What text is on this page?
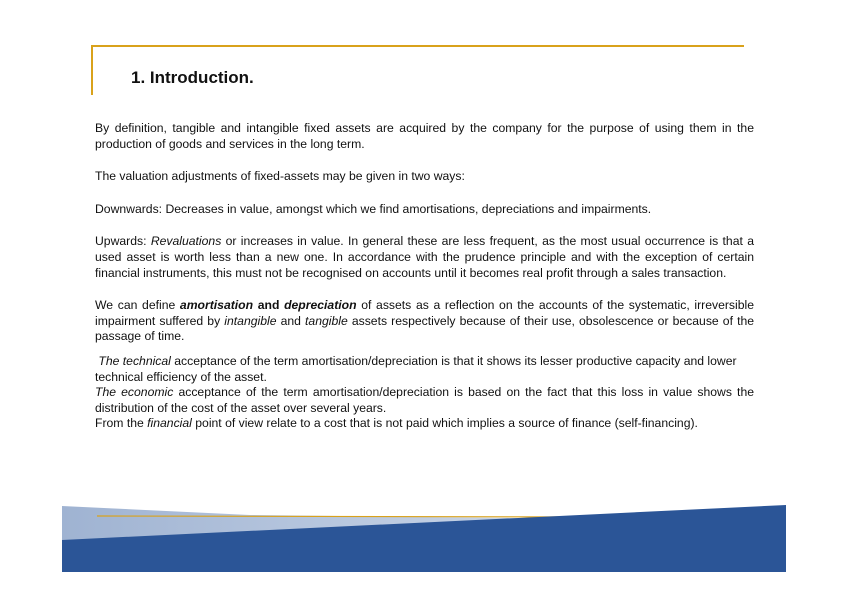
1. Introduction.

By definition, tangible and intangible fixed assets are acquired by the company for the purpose of using them in the production of goods and services in the long term.

The valuation adjustments of fixed-assets may be given in two ways:

Downwards: Decreases in value, amongst which we find amortisations, depreciations and impairments.

Upwards: Revaluations or increases in value. In general these are less frequent, as the most usual occurrence is that a used asset is worth less than a new one. In accordance with the prudence principle and with the exception of certain financial instruments, this must not be recognised on accounts until it becomes real profit through a sales transaction.

We can define amortisation and depreciation of assets as a reflection on the accounts of the systematic, irreversible impairment suffered by intangible and tangible assets respectively because of their use, obsolescence or because of the passage of time.

The technical acceptance of the term amortisation/depreciation is that it shows its lesser productive capacity and lower technical efficiency of the asset.

The economic acceptance of the term amortisation/depreciation is based on the fact that this loss in value shows the distribution of the cost of the asset over several years.

From the financial point of view relate to a cost that is not paid which implies a source of finance (self-financing).
